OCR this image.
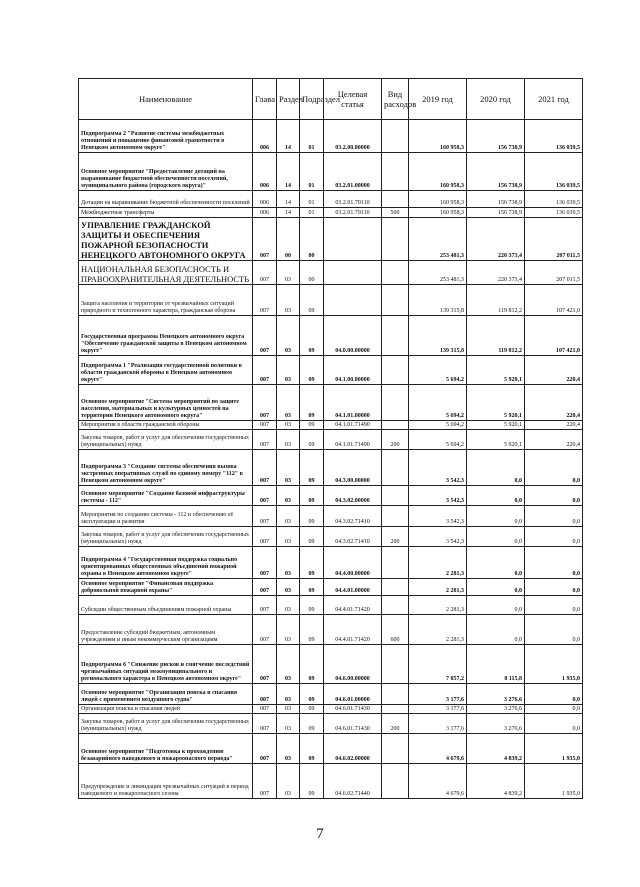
Наименование	Глава	Раздел	Подраздел	Целевая статья	Вид расходов	2019 год	2020 год	2021 год
Подпрограмма 2 "Развитие системы межбюджетных отношений и повышение финансовой грамотности в Ненецком автономном округе"	006	14	01	03.2.00.00000		160 958,3	156 738,9	136 039,5
Основное мероприятие "Предоставление дотаций на выравнивание бюджетной обеспеченности поселений, муниципального района (городского округа)"	006	14	01	03.2.01.00000		160 958,3	156 738,9	136 039,5
Дотации на выравнивание бюджетной обеспеченности поселений	006	14	01	03.2.01.79110		160 958,3	156 738,9	136 039,5
Межбюджетные трансферты	006	14	01	03.2.01.79110	500	160 958,3	156 738,9	136 039,5
УПРАВЛЕНИЕ ГРАЖДАНСКОЙ ЗАЩИТЫ И ОБЕСПЕЧЕНИЯ ПОЖАРНОЙ БЕЗОПАСНОСТИ НЕНЕЦКОГО АВТОНОМНОГО ОКРУГА	007	00	00			253 481,3	220 373,4	207 011,5
НАЦИОНАЛЬНАЯ БЕЗОПАСНОСТЬ И ПРАВООХРАНИТЕЛЬНАЯ ДЕЯТЕЛЬНОСТЬ	007	03	00			253 481,3	220 373,4	207 011,5
Защита населения и территории от чрезвычайных ситуаций природного и техногенного характера, гражданская оборона	007	03	09			139 315,8	119 812,2	107 421,0
Государственная программа Ненецкого автономного округа "Обеспечение гражданской защиты в Ненецком автономном округе"	007	03	09	04.0.00.00000		139 315,8	119 812,2	107 421,0
Подпрограмма 1 "Реализация государственной политики в области гражданской обороны в Ненецком автономном округе"	007	03	09	04.1.00.00000		5 694,2	5 920,1	220,4
Основное мероприятие "Система мероприятий по защите населения, материальных и культурных ценностей на территории Ненецкого автономного округа"	007	03	09	04.1.01.00000		5 694,2	5 920,1	220,4
Мероприятия в области гражданской обороны	007	03	09	04.1.01.71490		5 694,2	5 920,1	220,4
Закупка товаров, работ и услуг для обеспечения государственных (муниципальных) нужд	007	03	09	04.1.01.71490	200	5 694,2	5 920,1	220,4
Подпрограмма 3 "Создание системы обеспечения вызова экстренных оперативных служб по единому номеру "112" в Ненецком автономном округе"	007	03	09	04.3.00.00000		3 542,3	0,0	0,0
Основное мероприятие "Создание базовой инфраструктуры системы - 112"	007	03	09	04.3.02.00000		3 542,3	0,0	0,0
Мероприятия по созданию системы - 112 и обеспечению её эксплуатации и развития	007	03	09	04.3.02.71410		3 542,3	0,0	0,0
Закупка товаров, работ и услуг для обеспечения государственных (муниципальных) нужд	007	03	09	04.3.02.71410	200	3 542,3	0,0	0,0
Подпрограмма 4 "Государственная поддержка социально ориентированных общественных объединений пожарной охраны в Ненецком автономном округе"	007	03	09	04.4.00.00000		2 281,3	0,0	0,0
Основное мероприятие "Финансовая поддержка добровольной пожарной охраны"	007	03	09	04.4.01.00000		2 281,3	0,0	0,0
Субсидии общественным объединениям пожарной охраны	007	03	09	04.4.01.71420		2 281,3	0,0	0,0
Предоставление субсидий бюджетным, автономным учреждениям и иным некоммерческим организациям	007	03	09	04.4.01.71420	600	2 281,3	0,0	0,0
Подпрограмма 6 "Снижение рисков и смягчение последствий чрезвычайных ситуаций межмуниципального и регионального характера в Ненецком автономном округе"	007	03	09	04.6.00.00000		7 857,2	8 115,8	1 935,0
Основное мероприятие "Организация поиска и спасания людей с применением воздушного судна"	007	03	09	04.6.01.00000		3 177,6	3 276,6	0,0
Организация поиска и спасания людей	007	03	09	04.6.01.71430		3 177,6	3 276,6	0,0
Закупка товаров, работ и услуг для обеспечения государственных (муниципальных) нужд	007	03	09	04.6.01.71430	200	3 177,6	3 276,6	0,0
Основное мероприятие "Подготовка к прохождению безаварийного паводкового и пожароопасного периода"	007	03	09	04.6.02.00000		4 679,6	4 839,2	1 935,0
Предупреждение и ликвидация чрезвычайных ситуаций в период паводкового и пожароопасного сезона	007	03	09	04.6.02.71440		4 679,6	4 839,2	1 935,0
7
